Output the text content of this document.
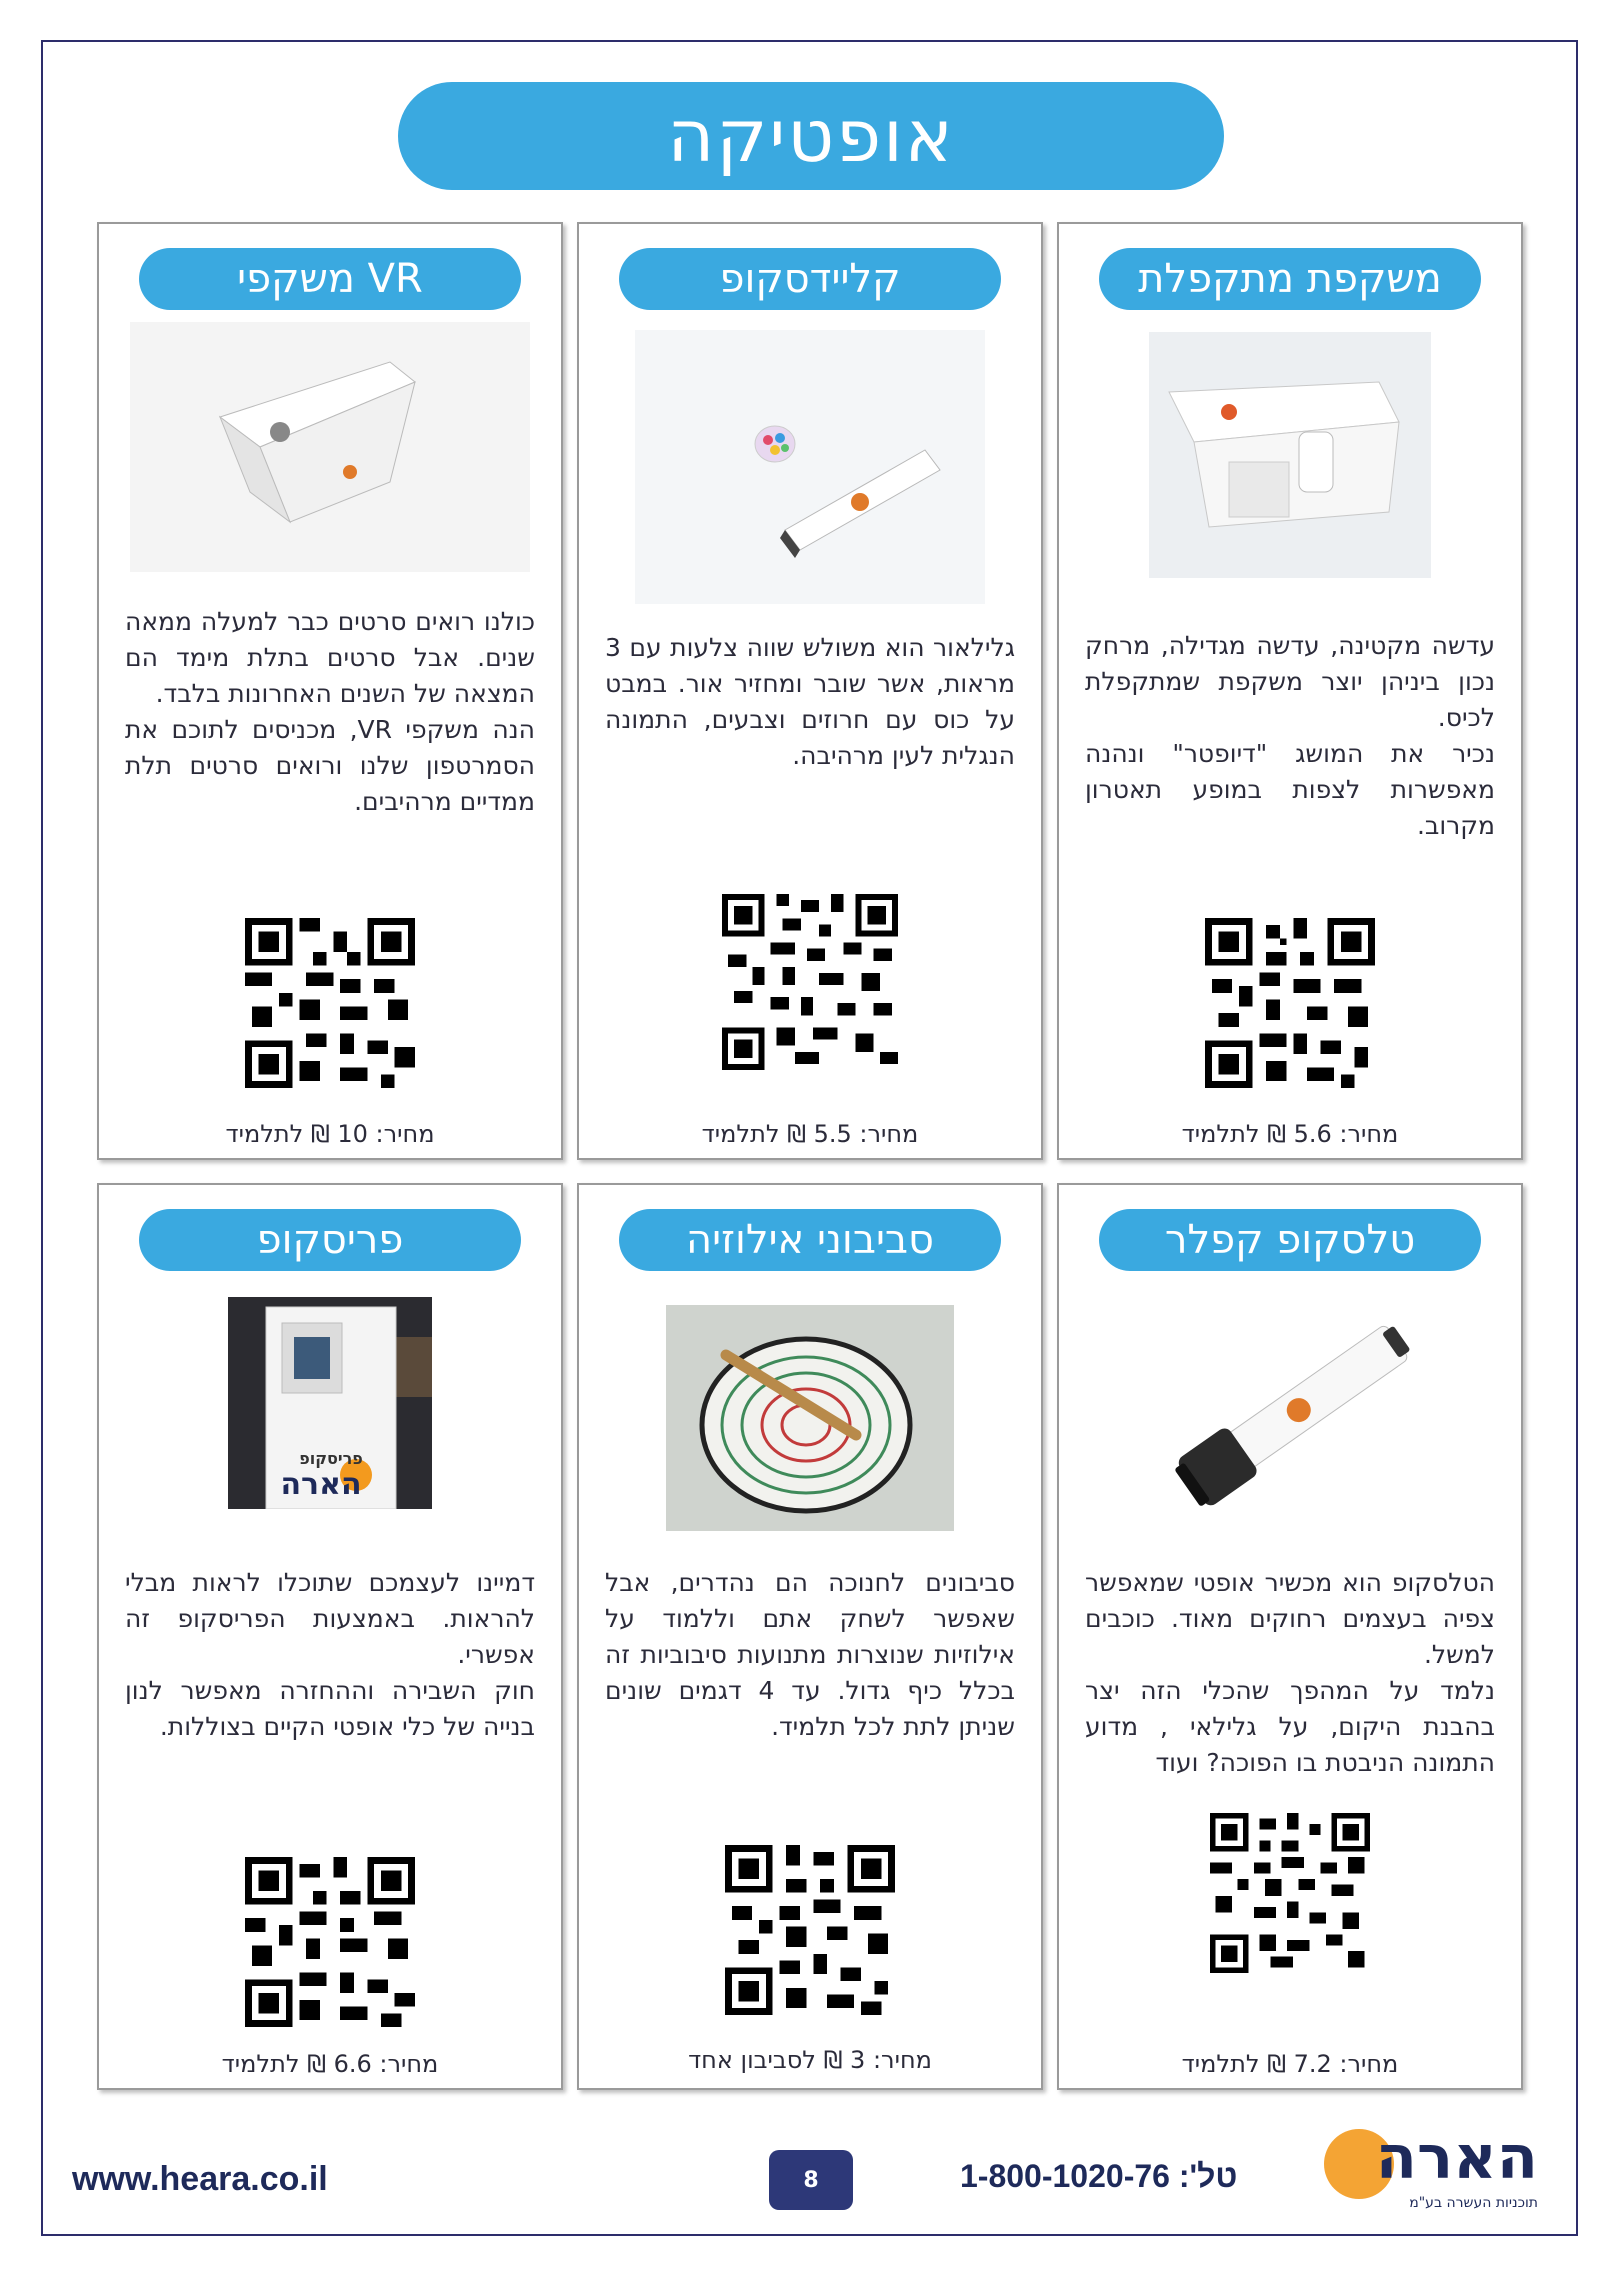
אופטיקה
משקפת מתקפלת
עדשה מקטינה, עדשה מגדילה, מרחק נכון ביניהן יוצר משקפת שמתקפלת לכיס.
נכיר את המושג "דיופטר" ונהנה מאפשרות לצפות במופע תאטרון מקרוב.
מחיר: 5.6 ₪ לתלמיד
קליידסקופ
גלילאור הוא משולש שווה צלעות עם 3 מראות, אשר שובר ומחזיר אור. במבט על כוס עם חרוזים וצבעים, התמונה הנגלית לעין מרהיבה.
מחיר: 5.5 ₪ לתלמיד
משקפי VR
כולנו רואים סרטים כבר למעלה ממאה שנים. אבל סרטים בתלת מימד הם המצאה של השנים האחרונות בלבד.
הנה משקפי VR, מכניסים לתוכם את הסמרטפון שלנו ורואים סרטים תלת ממדיים מרהיבים.
מחיר: 10 ₪ לתלמיד
טלסקופ קפלר
הטלסקופ הוא מכשיר אופטי שמאפשר צפיה בעצמים רחוקים מאוד. כוכבים למשל.
נלמד על המהפך שהכלי הזה יצר בהבנת היקום, על גלילאי , מדוע התמונה הניבטת בו הפוכה? ועוד
מחיר: 7.2 ₪ לתלמיד
סביבוני אילוזיה
סביבונים לחנוכה הם נהדרים, אבל שאפשר לשחק אתם וללמוד על אילוזיות שנוצרות מתנועות סיבוביות זה בכלל כיף גדול. עד 4 דגמים שונים שניתן לתת לכל תלמיד.
מחיר: 3 ₪ לסביבון אחד
פריסקופ
פריסקופ
הארה
דמיינו לעצמכם שתוכלו לראות מבלי להראות. באמצעות הפריסקופ זה אפשרי.
חוק השבירה וההחזרה מאפשר לנון בנייה של כלי אופטי הקיים בצוללות.
מחיר: 6.6 ₪ לתלמיד
www.heara.co.il	8	טל': 1-800-1020-76 הארה
תוכניות העשרה בע"מ
